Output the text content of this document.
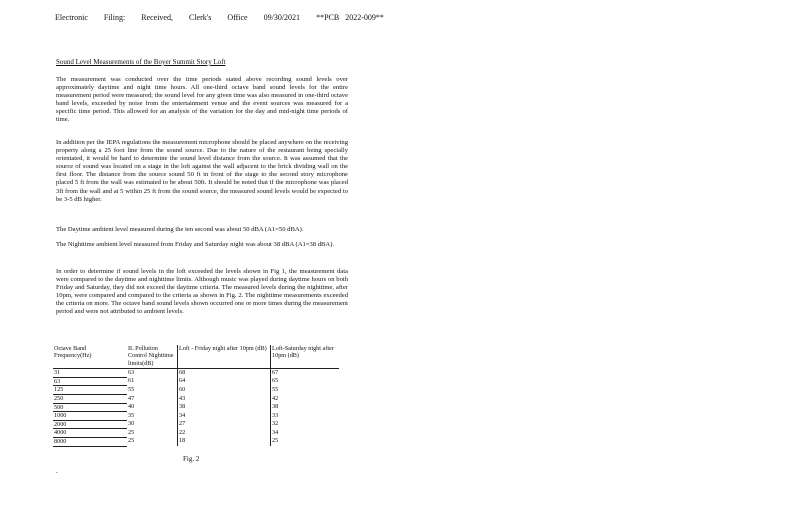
Electronic Filing: Received, Clerk's Office 09/30/2021 **PCB 2022-009**
Sound Level Measurements of the Boyer Summit Story Loft

The measurement was conducted over the time periods stated above recording sound levels over approximately daytime and night time hours. All one-third octave band sound levels for the entire measurement period were measured; the sound level for any given time was also measured in one-third octave band levels, exceeded by noise from the entertainment venue and the event sources was measured for a specific time period. This allowed for an analysis of the variation for the day and mid-night time periods of time.

In addition per the IEPA regulations the measurement microphone should be placed anywhere on the receiving property along a 25 foot line from the sound source. Due to the nature of the restaurant being specially orientated, it would be hard to determine the sound level distance from the source. It was assumed that the source of sound was located on a stage in the loft against the wall adjacent to the brick dividing wall on the first floor. The distance from the source sound 50 ft in front of the stage to the second story microphone placed 5 ft from the wall was estimated to be about 50ft. It should be noted that if the microphone was placed 3ft from the wall and at 5 within 25 ft from the sound source, the measured sound levels would be expected to be 3-5 dB higher.

The Daytime ambient level measured during the ten second was about 50 dBA (A1=50 dBA).

The Nighttime ambient level measured from Friday and Saturday night was about 38 dBA (A1=38 dBA).

In order to determine if sound levels in the loft exceeded the levels shown in Fig 1, the measurement data were compared to the daytime and nighttime limits. Although music was played during daytime hours on both Friday and Saturday, they did not exceed the daytime criteria. The measured levels during the nighttime, after 10pm, were compared and compared to the criteria as shown in Fig. 2. The nighttime measurements exceeded the criteria on more. The octave band sound levels shown occurred one or more times during the measurement period and were not attributed to ambient levels.

Octave Band Frequency(Hz)	IL Pollution Control Nighttime limits(dB)	Loft - Friday night after 10pm (dB)	Loft-Saturday night after 10pm (dB)
31	63	68	67
63	61	64	65
125	55	60	55
250	47	43	42
500	40	38	38
1000	35	34	33
2000	30	27	32
4000	25	22	34
8000	25	18	25
Fig. 2
.
